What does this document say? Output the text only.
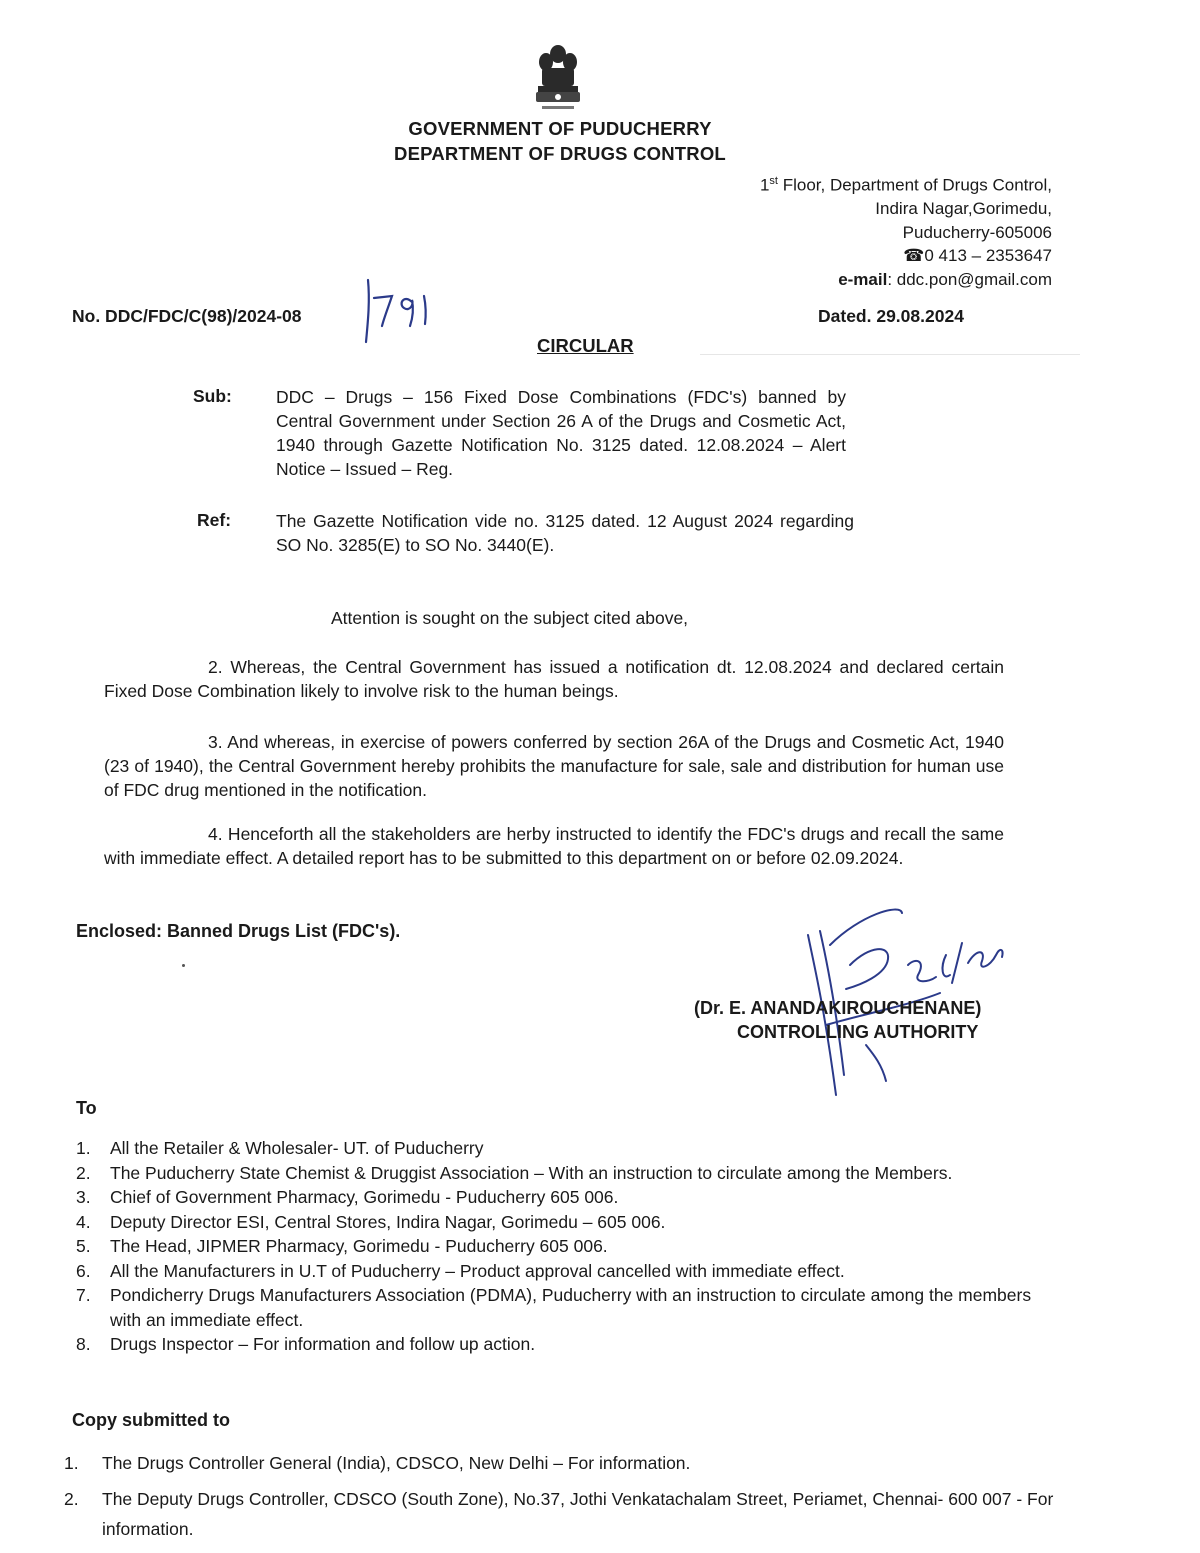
GOVERNMENT OF PUDUCHERRY
DEPARTMENT OF DRUGS CONTROL
1st Floor, Department of Drugs Control,
Indira Nagar,Gorimedu,
Puducherry-605006
☎0 413 – 2353647
e-mail: ddc.pon@gmail.com
No. DDC/FDC/C(98)/2024-08	Dated. 29.08.2024
CIRCULAR
Sub:	DDC – Drugs – 156 Fixed Dose Combinations (FDC's) banned by Central Government under Section 26 A of the Drugs and Cosmetic Act, 1940 through Gazette Notification No. 3125 dated. 12.08.2024 – Alert Notice – Issued – Reg.
Ref:	The Gazette Notification vide no. 3125 dated. 12 August 2024 regarding SO No. 3285(E) to SO No. 3440(E).
Attention is sought on the subject cited above,
2. Whereas, the Central Government has issued a notification dt. 12.08.2024 and declared certain Fixed Dose Combination likely to involve risk to the human beings.
3. And whereas, in exercise of powers conferred by section 26A of the Drugs and Cosmetic Act, 1940 (23 of 1940), the Central Government hereby prohibits the manufacture for sale, sale and distribution for human use of FDC drug mentioned in the notification.
4. Henceforth all the stakeholders are herby instructed to identify the FDC's drugs and recall the same with immediate effect. A detailed report has to be submitted to this department on or before 02.09.2024.
Enclosed: Banned Drugs List (FDC's).
(Dr. E. ANANDAKIROUCHENANE)
CONTROLLING AUTHORITY
To
1.	All the Retailer & Wholesaler- UT. of Puducherry
2.	The Puducherry State Chemist & Druggist Association – With an instruction to circulate among the Members.
3.	Chief of Government Pharmacy, Gorimedu - Puducherry 605 006.
4.	Deputy Director ESI, Central Stores, Indira Nagar, Gorimedu – 605 006.
5.	The Head, JIPMER Pharmacy, Gorimedu - Puducherry 605 006.
6.	All the Manufacturers in U.T of Puducherry – Product approval cancelled with immediate effect.
7.	Pondicherry Drugs Manufacturers Association (PDMA), Puducherry with an instruction to circulate among the members with an immediate effect.
8.	Drugs Inspector – For information and follow up action.
Copy submitted to
1.	The Drugs Controller General (India), CDSCO, New Delhi – For information.
2.	The Deputy Drugs Controller, CDSCO (South Zone), No.37, Jothi Venkatachalam Street, Periamet, Chennai- 600 007 - For information.
